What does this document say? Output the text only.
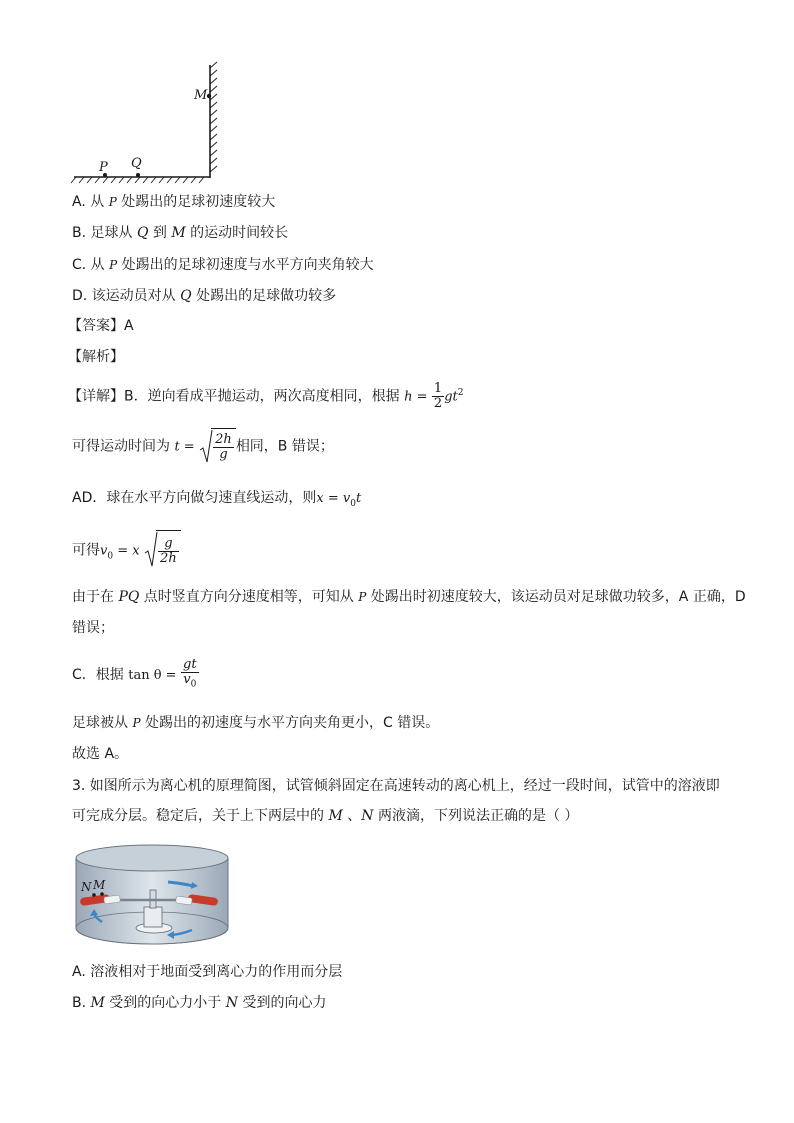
M
P Q
A. 从 P 处踢出的足球初速度较大
B. 足球从 Q 到 M 的运动时间较长
C. 从 P 处踢出的足球初速度与水平方向夹角较大
D. 该运动员对从 Q 处踢出的足球做功较多
【答案】A
【解析】
【详解】B．逆向看成平抛运动，两次高度相同，根据 $h = \frac{1}{2} gt^2$
可得运动时间为 $t = \frac{2h}{g}$ 相同，B 错误；
AD．球在水平方向做匀速直线运动，则$x = v_0t$
可得$v_0 = x \frac{g}{2h}$
由于在 PQ 点时竖直方向分速度相等，可知从 P 处踢出时初速度较大，该运动员对足球做功较多，A 正确，D
错误；
C．根据 $\tan \theta = \frac{gt}{v_0}$
足球被从 P 处踢出的初速度与水平方向夹角更小，C 错误。
故选 A。
3. 如图所示为离心机的原理简图，试管倾斜固定在高速转动的离心机上，经过一段时间，试管中的溶液即
可完成分层。稳定后，关于上下两层中的 M 、N 两液滴，下列说法正确的是（ ）
N M
A. 溶液相对于地面受到离心力的作用而分层
B. M 受到的向心力小于 N 受到的向心力
